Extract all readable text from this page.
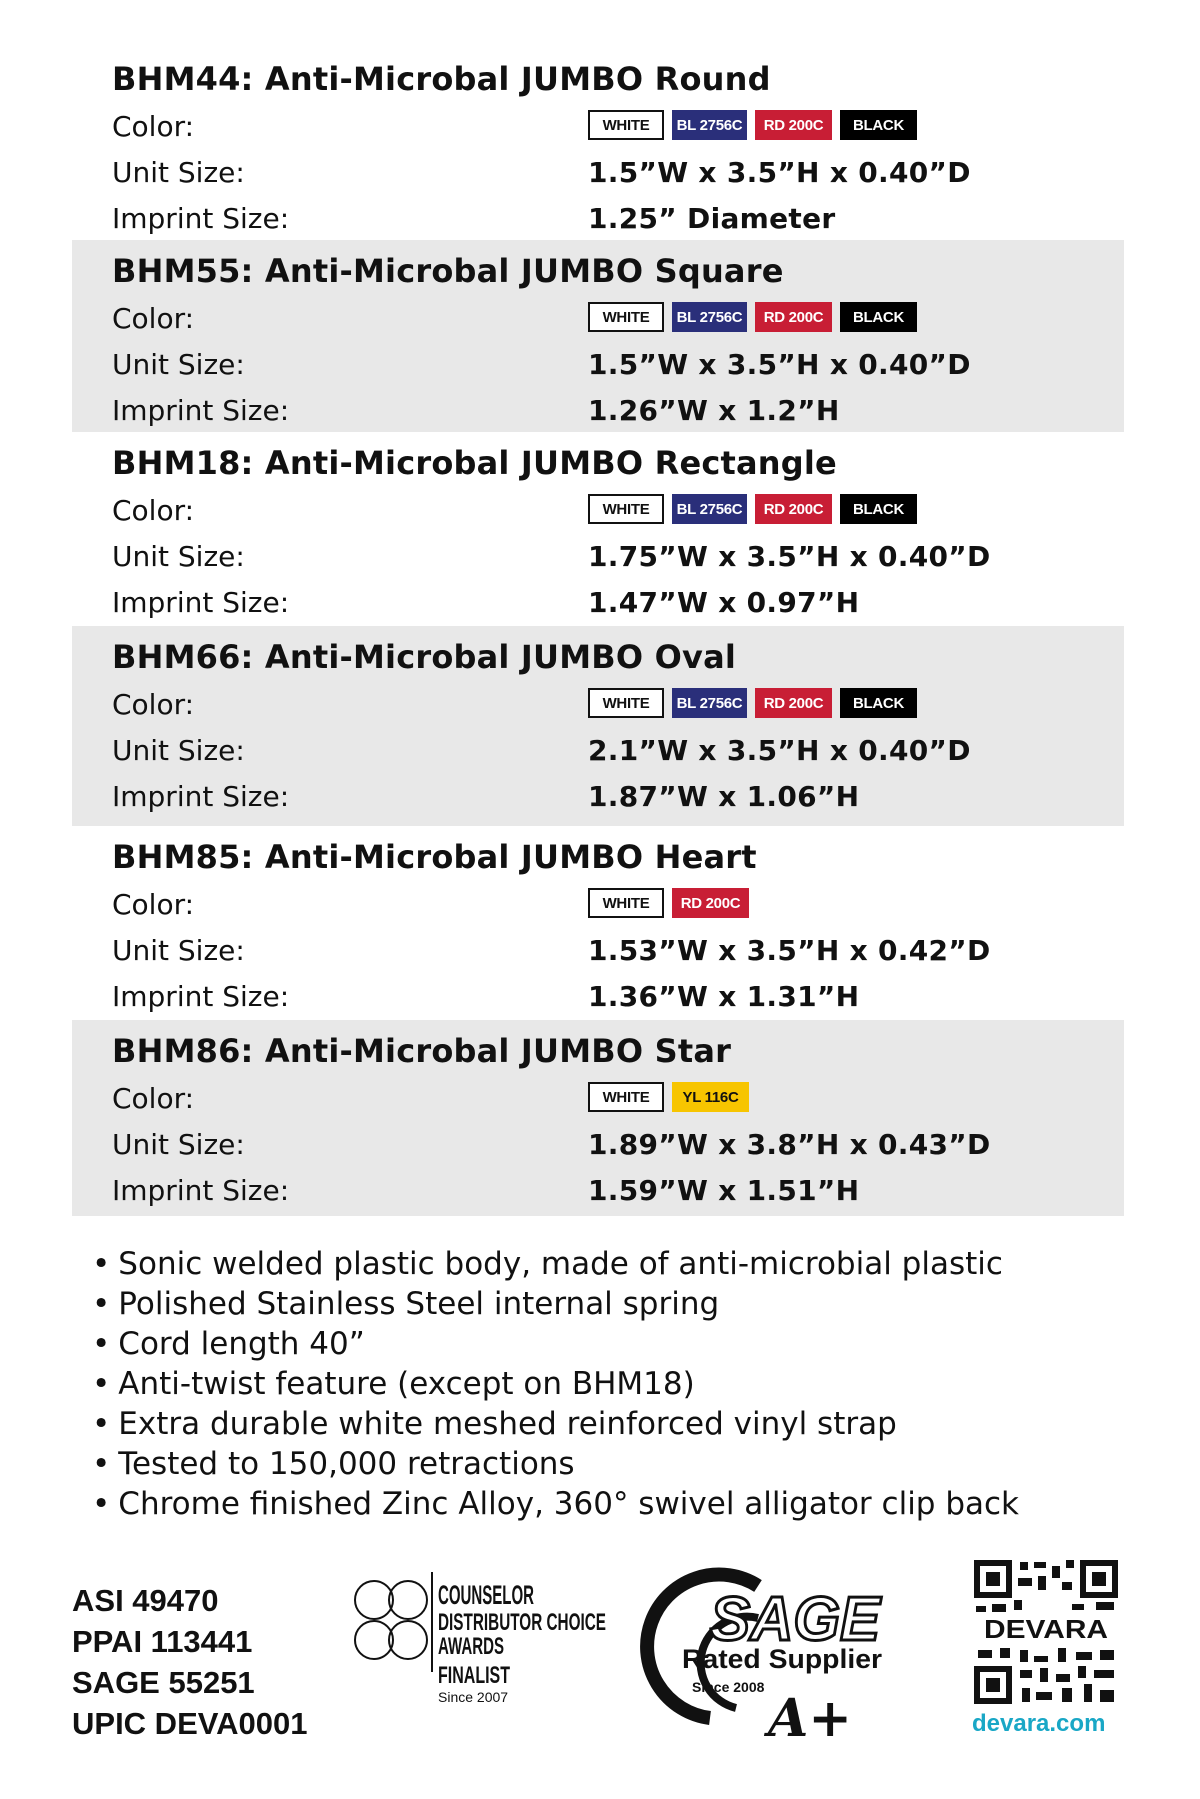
BHM44: Anti-Microbal JUMBO Round
Color:	WHITE	BL 2756C	RD 200C	BLACK
Unit Size:	1.5”W x 3.5”H x 0.40”D
Imprint Size:	1.25” Diameter
BHM55: Anti-Microbal JUMBO Square
Color:	WHITE	BL 2756C	RD 200C	BLACK
Unit Size:	1.5”W x 3.5”H x 0.40”D
Imprint Size:	1.26”W x 1.2”H
BHM18: Anti-Microbal JUMBO Rectangle
Color:	WHITE	BL 2756C	RD 200C	BLACK
Unit Size:	1.75”W x 3.5”H x 0.40”D
Imprint Size:	1.47”W x 0.97”H
BHM66: Anti-Microbal JUMBO Oval
Color:	WHITE	BL 2756C	RD 200C	BLACK
Unit Size:	2.1”W x 3.5”H x 0.40”D
Imprint Size:	1.87”W x 1.06”H
BHM85: Anti-Microbal JUMBO Heart
Color:	WHITE	RD 200C
Unit Size:	1.53”W x 3.5”H x 0.42”D
Imprint Size:	1.36”W x 1.31”H
BHM86: Anti-Microbal JUMBO Star
Color:	WHITE	YL 116C
Unit Size:	1.89”W x 3.8”H x 0.43”D
Imprint Size:	1.59”W x 1.51”H
• Sonic welded plastic body, made of anti-microbial plastic
• Polished Stainless Steel internal spring
• Cord length 40”
• Anti-twist feature (except on BHM18)
• Extra durable white meshed reinforced vinyl strap
• Tested to 150,000 retractions
• Chrome finished Zinc Alloy, 360° swivel alligator clip back
ASI 49470
PPAI 113441
SAGE 55251
UPIC DEVA0001
COUNSELOR
DISTRIBUTOR CHOICE
AWARDS
FINALIST
Since 2007
SAGE
Rated Supplier
Since 2008
A+
DEVARA
devara.com
